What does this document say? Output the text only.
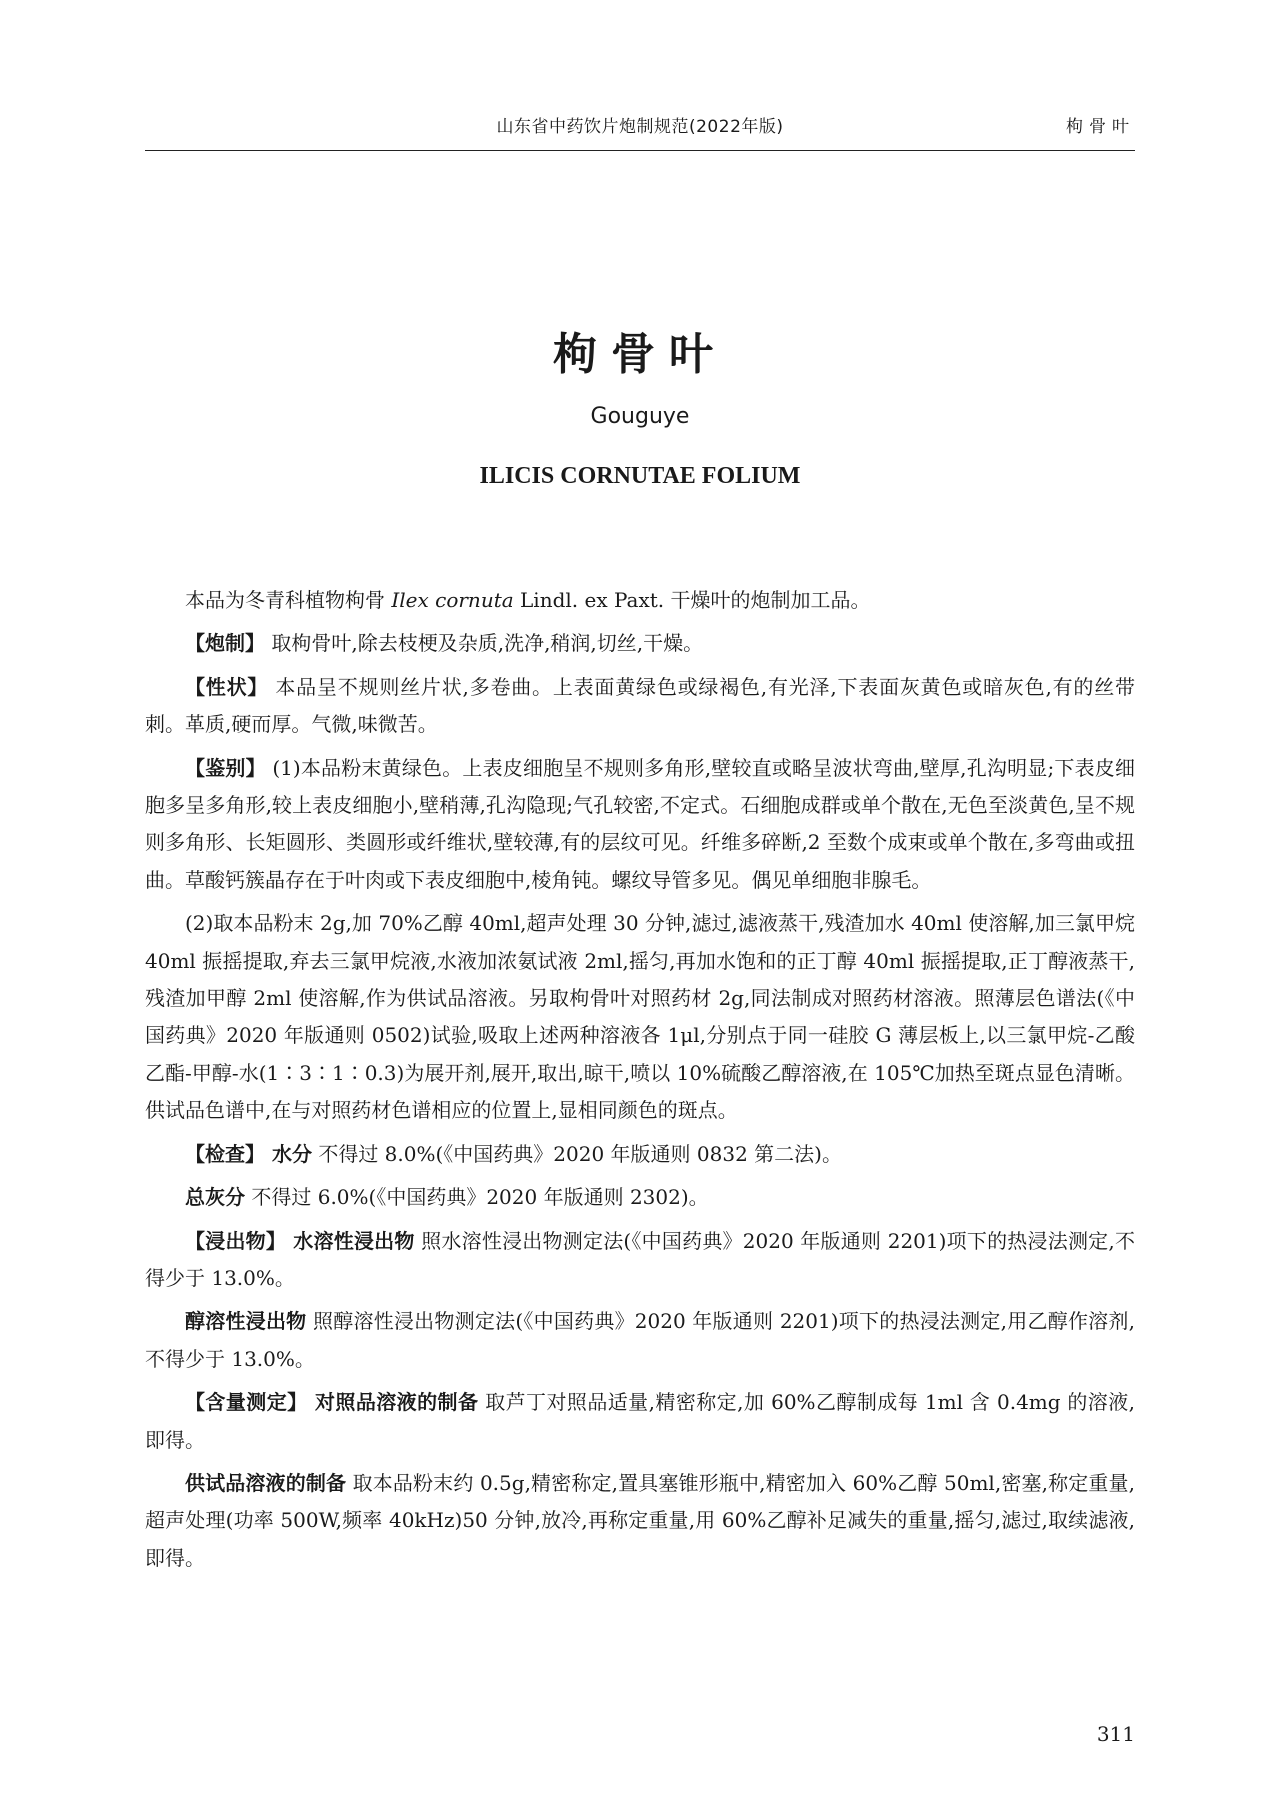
山东省中药饮片炮制规范(2022年版)	枸骨叶
枸骨叶
Gouguye
ILICIS CORNUTAE FOLIUM

本品为冬青科植物枸骨 Ilex cornuta Lindl. ex Paxt. 干燥叶的炮制加工品。

【炮制】 取枸骨叶,除去枝梗及杂质,洗净,稍润,切丝,干燥。

【性状】 本品呈不规则丝片状,多卷曲。上表面黄绿色或绿褐色,有光泽,下表面灰黄色或暗灰色,有的丝带刺。革质,硬而厚。气微,味微苦。

【鉴别】 (1)本品粉末黄绿色。上表皮细胞呈不规则多角形,壁较直或略呈波状弯曲,壁厚,孔沟明显;下表皮细胞多呈多角形,较上表皮细胞小,壁稍薄,孔沟隐现;气孔较密,不定式。石细胞成群或单个散在,无色至淡黄色,呈不规则多角形、长矩圆形、类圆形或纤维状,壁较薄,有的层纹可见。纤维多碎断,2 至数个成束或单个散在,多弯曲或扭曲。草酸钙簇晶存在于叶肉或下表皮细胞中,棱角钝。螺纹导管多见。偶见单细胞非腺毛。

(2)取本品粉末 2g,加 70%乙醇 40ml,超声处理 30 分钟,滤过,滤液蒸干,残渣加水 40ml 使溶解,加三氯甲烷 40ml 振摇提取,弃去三氯甲烷液,水液加浓氨试液 2ml,摇匀,再加水饱和的正丁醇 40ml 振摇提取,正丁醇液蒸干,残渣加甲醇 2ml 使溶解,作为供试品溶液。另取枸骨叶对照药材 2g,同法制成对照药材溶液。照薄层色谱法(《中国药典》2020 年版通则 0502)试验,吸取上述两种溶液各 1μl,分别点于同一硅胶 G 薄层板上,以三氯甲烷-乙酸乙酯-甲醇-水(1∶3∶1∶0.3)为展开剂,展开,取出,晾干,喷以 10%硫酸乙醇溶液,在 105℃加热至斑点显色清晰。供试品色谱中,在与对照药材色谱相应的位置上,显相同颜色的斑点。

【检查】 水分 不得过 8.0%(《中国药典》2020 年版通则 0832 第二法)。

总灰分 不得过 6.0%(《中国药典》2020 年版通则 2302)。

【浸出物】 水溶性浸出物 照水溶性浸出物测定法(《中国药典》2020 年版通则 2201)项下的热浸法测定,不得少于 13.0%。

醇溶性浸出物 照醇溶性浸出物测定法(《中国药典》2020 年版通则 2201)项下的热浸法测定,用乙醇作溶剂,不得少于 13.0%。

【含量测定】 对照品溶液的制备 取芦丁对照品适量,精密称定,加 60%乙醇制成每 1ml 含 0.4mg 的溶液,即得。

供试品溶液的制备 取本品粉末约 0.5g,精密称定,置具塞锥形瓶中,精密加入 60%乙醇 50ml,密塞,称定重量,超声处理(功率 500W,频率 40kHz)50 分钟,放冷,再称定重量,用 60%乙醇补足减失的重量,摇匀,滤过,取续滤液,即得。

311
